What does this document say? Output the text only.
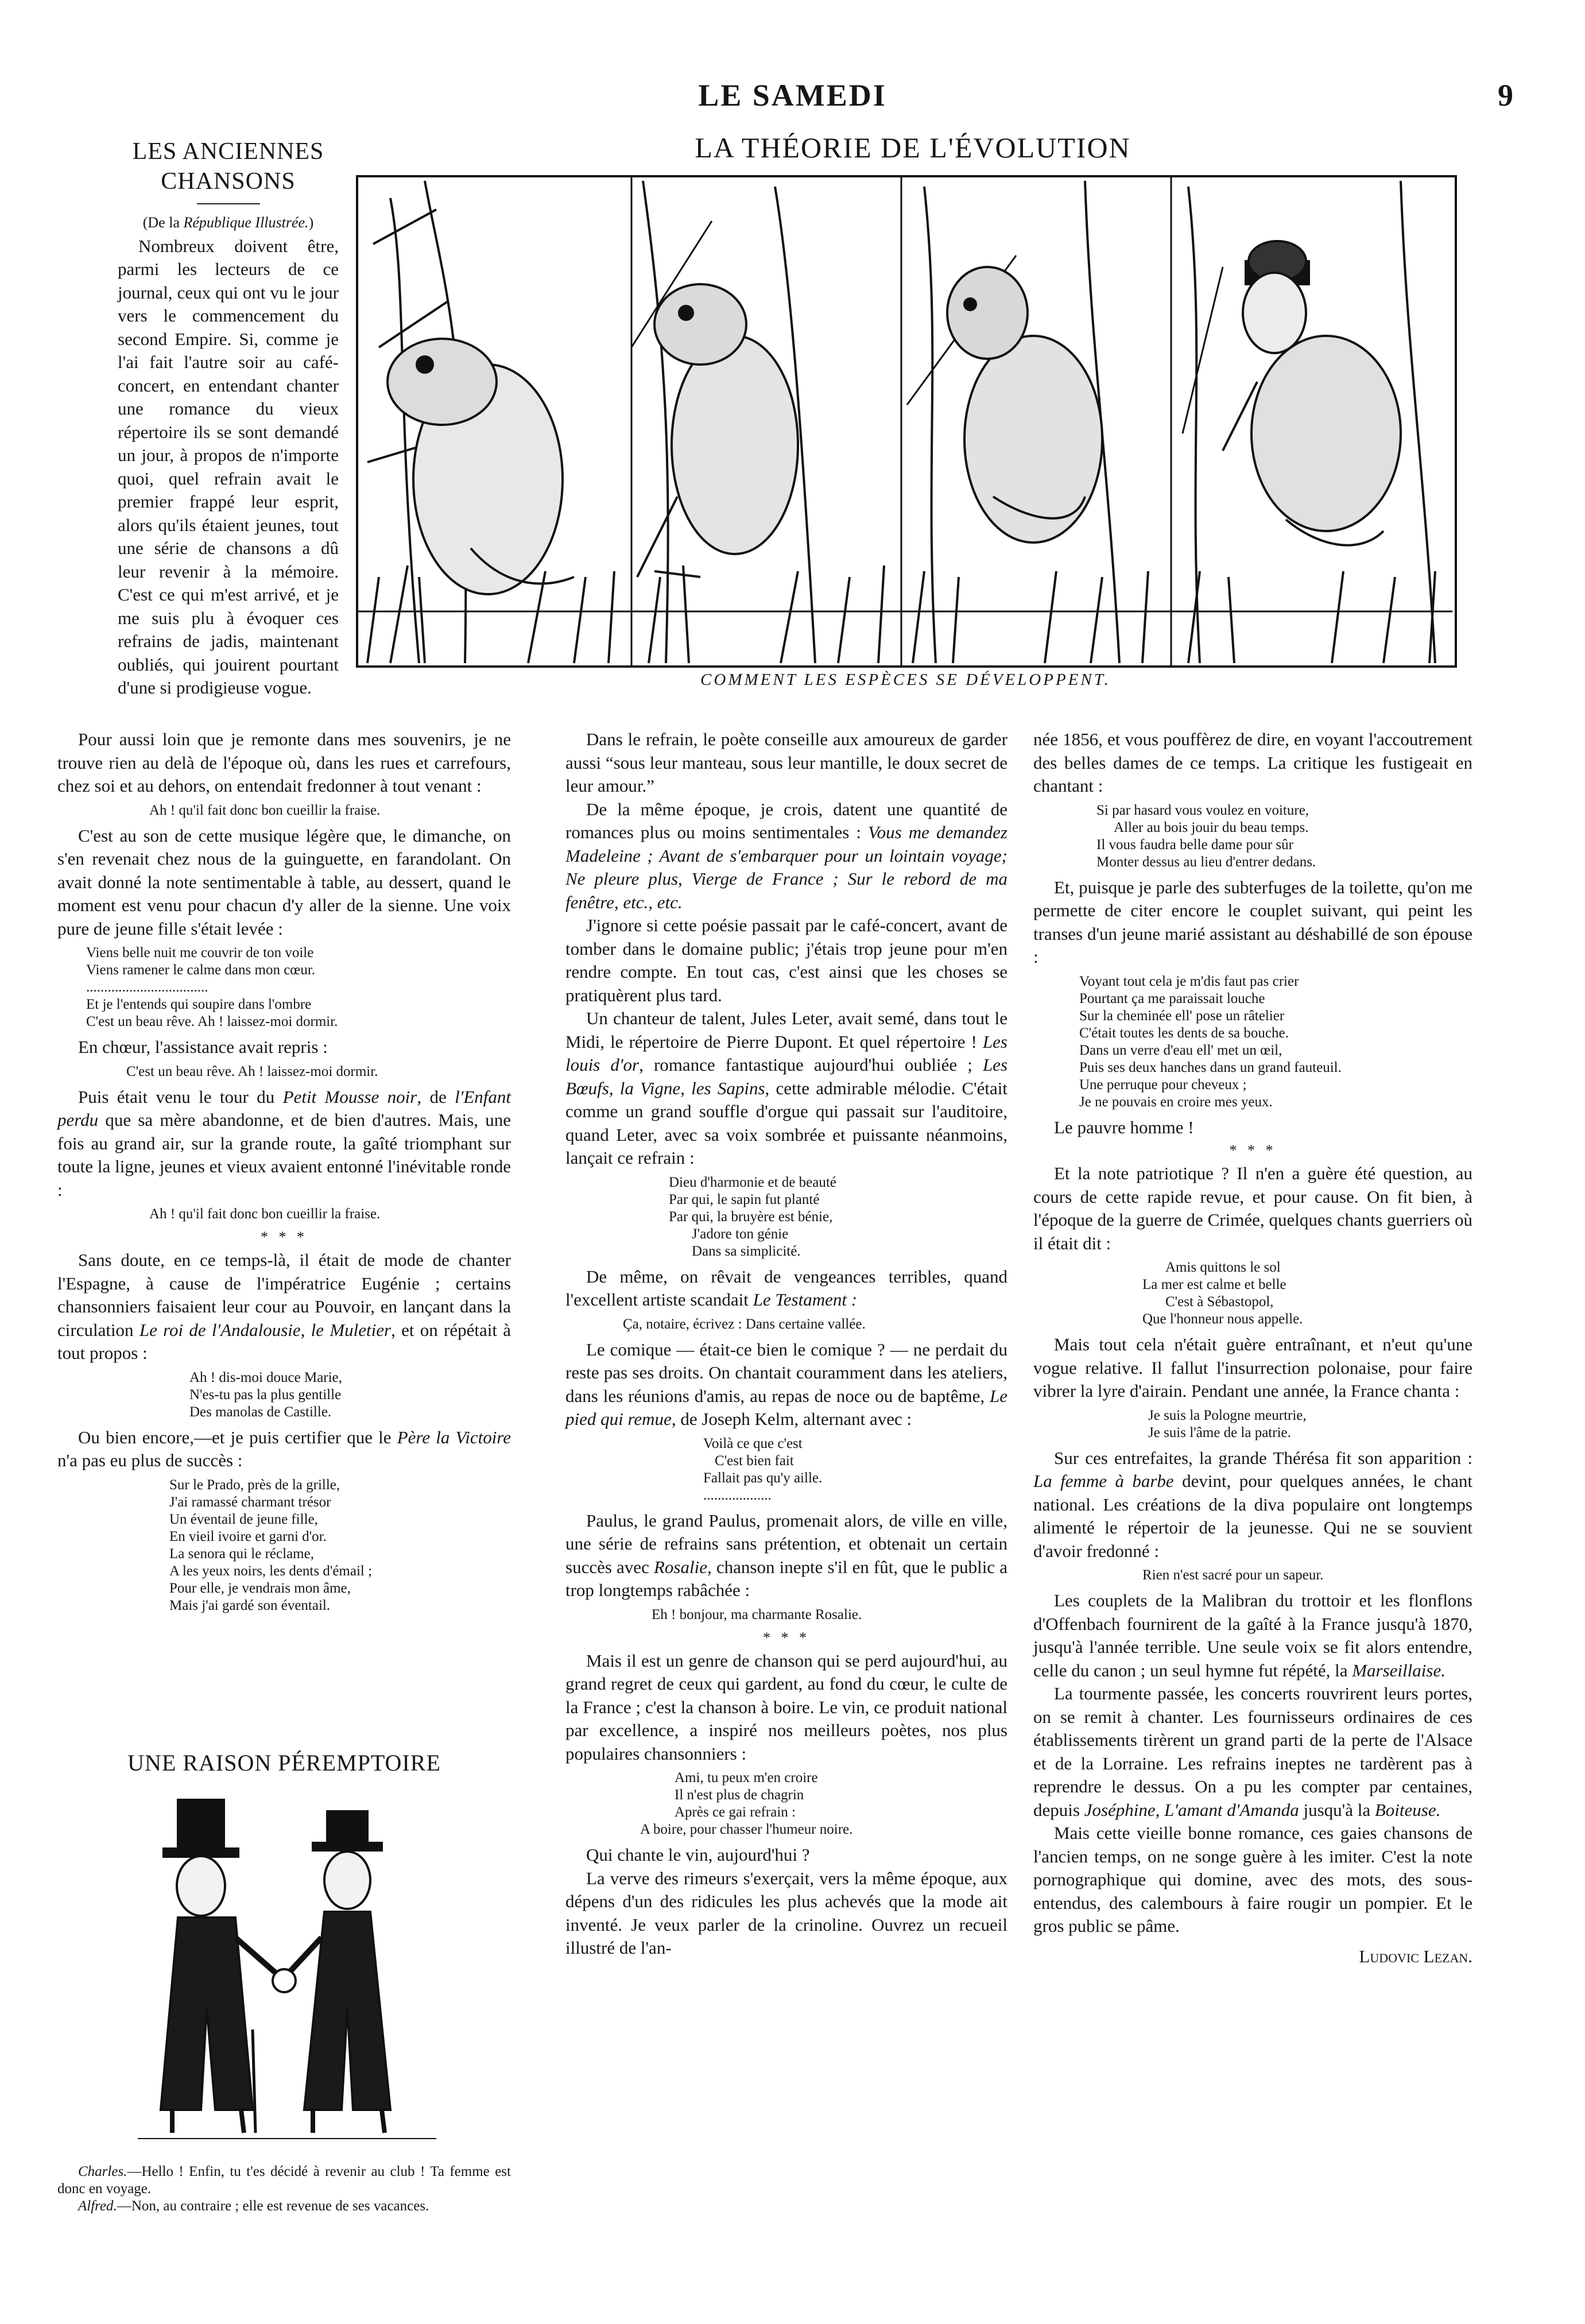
LE SAMEDI	9
LA THÉORIE DE L'ÉVOLUTION
COMMENT LES ESPÈCES SE DÉVELOPPENT.
LES ANCIENNES
CHANSONS

(De la République Illustrée.)

Nombreux doivent être, parmi les lecteurs de ce journal, ceux qui ont vu le jour vers le commencement du second Empire. Si, comme je l'ai fait l'autre soir au café-concert, en entendant chanter une romance du vieux répertoire ils se sont demandé un jour, à propos de n'importe quoi, quel refrain avait le premier frappé leur esprit, alors qu'ils étaient jeunes, tout une série de chansons a dû leur revenir à la mémoire. C'est ce qui m'est arrivé, et je me suis plu à évoquer ces refrains de jadis, maintenant oubliés, qui jouirent pourtant d'une si prodigieuse vogue.

Pour aussi loin que je remonte dans mes souvenirs, je ne trouve rien au delà de l'époque où, dans les rues et carrefours, chez soi et au dehors, on entendait fredonner à tout venant :

Ah ! qu'il fait donc bon cueillir la fraise.

C'est au son de cette musique légère que, le dimanche, on s'en revenait chez nous de la guinguette, en farandolant. On avait donné la note sentimentable à table, au dessert, quand le moment est venu pour chacun d'y aller de la sienne. Une voix pure de jeune fille s'était levée :

Viens belle nuit me couvrir de ton voile
Viens ramener le calme dans mon cœur.
..................................
Et je l'entends qui soupire dans l'ombre
C'est un beau rêve. Ah ! laissez-moi dormir.

En chœur, l'assistance avait repris :

C'est un beau rêve. Ah ! laissez-moi dormir.

Puis était venu le tour du Petit Mousse noir, de l'Enfant perdu que sa mère abandonne, et de bien d'autres. Mais, une fois au grand air, sur la grande route, la gaîté triomphant sur toute la ligne, jeunes et vieux avaient entonné l'inévitable ronde :

Ah ! qu'il fait donc bon cueillir la fraise.
* * *

Sans doute, en ce temps-là, il était de mode de chanter l'Espagne, à cause de l'impératrice Eugénie ; certains chansonniers faisaient leur cour au Pouvoir, en lançant dans la circulation Le roi de l'Andalousie, le Muletier, et on répétait à tout propos :

Ah ! dis-moi douce Marie,
N'es-tu pas la plus gentille
Des manolas de Castille.

Ou bien encore,—et je puis certifier que le Père la Victoire n'a pas eu plus de succès :

Sur le Prado, près de la grille,
J'ai ramassé charmant trésor
Un éventail de jeune fille,
En vieil ivoire et garni d'or.
La senora qui le réclame,
A les yeux noirs, les dents d'émail ;
Pour elle, je vendrais mon âme,
Mais j'ai gardé son éventail.
UNE RAISON PÉREMPTOIRE

Charles.—Hello ! Enfin, tu t'es décidé à revenir au club ! Ta femme est donc en voyage.

Alfred.—Non, au contraire ; elle est revenue de ses vacances.

Dans le refrain, le poète conseille aux amoureux de garder aussi “sous leur manteau, sous leur mantille, le doux secret de leur amour.”

De la même époque, je crois, datent une quantité de romances plus ou moins sentimentales : Vous me demandez Madeleine ; Avant de s'embarquer pour un lointain voyage; Ne pleure plus, Vierge de France ; Sur le rebord de ma fenêtre, etc., etc.

J'ignore si cette poésie passait par le café-concert, avant de tomber dans le domaine public; j'étais trop jeune pour m'en rendre compte. En tout cas, c'est ainsi que les choses se pratiquèrent plus tard.

Un chanteur de talent, Jules Leter, avait semé, dans tout le Midi, le répertoire de Pierre Dupont. Et quel répertoire ! Les louis d'or, romance fantastique aujourd'hui oubliée ; Les Bœufs, la Vigne, les Sapins, cette admirable mélodie. C'était comme un grand souffle d'orgue qui passait sur l'auditoire, quand Leter, avec sa voix sombrée et puissante néanmoins, lançait ce refrain :

Dieu d'harmonie et de beauté
Par qui, le sapin fut planté
Par qui, la bruyère est bénie,
J'adore ton génie
Dans sa simplicité.

De même, on rêvait de vengeances terribles, quand l'excellent artiste scandait Le Testament :

Ça, notaire, écrivez : Dans certaine vallée.

Le comique — était-ce bien le comique ? — ne perdait du reste pas ses droits. On chantait couramment dans les ateliers, dans les réunions d'amis, au repas de noce ou de baptême, Le pied qui remue, de Joseph Kelm, alternant avec :

Voilà ce que c'est
C'est bien fait
Fallait pas qu'y aille.
...................

Paulus, le grand Paulus, promenait alors, de ville en ville, une série de refrains sans prétention, et obtenait un certain succès avec Rosalie, chanson inepte s'il en fût, que le public a trop longtemps rabâchée :

Eh ! bonjour, ma charmante Rosalie.
* * *

Mais il est un genre de chanson qui se perd aujourd'hui, au grand regret de ceux qui gardent, au fond du cœur, le culte de la France ; c'est la chanson à boire. Le vin, ce produit national par excellence, a inspiré nos meilleurs poètes, nos plus populaires chansonniers :

Ami, tu peux m'en croire
Il n'est plus de chagrin
Après ce gai refrain :
A boire, pour chasser l'humeur noire.

Qui chante le vin, aujourd'hui ?

La verve des rimeurs s'exerçait, vers la même époque, aux dépens d'un des ridicules les plus achevés que la mode ait inventé. Je veux parler de la crinoline. Ouvrez un recueil illustré de l'an-

née 1856, et vous pouffèrez de dire, en voyant l'accoutrement des belles dames de ce temps. La critique les fustigeait en chantant :

Si par hasard vous voulez en voiture,
Aller au bois jouir du beau temps.
Il vous faudra belle dame pour sûr
Monter dessus au lieu d'entrer dedans.

Et, puisque je parle des subterfuges de la toilette, qu'on me permette de citer encore le couplet suivant, qui peint les transes d'un jeune marié assistant au déshabillé de son épouse :

Voyant tout cela je m'dis faut pas crier
Pourtant ça me paraissait louche
Sur la cheminée ell' pose un râtelier
C'était toutes les dents de sa bouche.
Dans un verre d'eau ell' met un œil,
Puis ses deux hanches dans un grand fauteuil.
Une perruque pour cheveux ;
Je ne pouvais en croire mes yeux.

Le pauvre homme !

* * *

Et la note patriotique ? Il n'en a guère été question, au cours de cette rapide revue, et pour cause. On fit bien, à l'époque de la guerre de Crimée, quelques chants guerriers où il était dit :

Amis quittons le sol
La mer est calme et belle
C'est à Sébastopol,
Que l'honneur nous appelle.

Mais tout cela n'était guère entraînant, et n'eut qu'une vogue relative. Il fallut l'insurrection polonaise, pour faire vibrer la lyre d'airain. Pendant une année, la France chanta :

Je suis la Pologne meurtrie,
Je suis l'âme de la patrie.

Sur ces entrefaites, la grande Thérésa fit son apparition : La femme à barbe devint, pour quelques années, le chant national. Les créations de la diva populaire ont longtemps alimenté le répertoir de la jeunesse. Qui ne se souvient d'avoir fredonné :

Rien n'est sacré pour un sapeur.

Les couplets de la Malibran du trottoir et les flonflons d'Offenbach fournirent de la gaîté à la France jusqu'à 1870, jusqu'à l'année terrible. Une seule voix se fit alors entendre, celle du canon ; un seul hymne fut répété, la Marseillaise.

La tourmente passée, les concerts rouvrirent leurs portes, on se remit à chanter. Les fournisseurs ordinaires de ces établissements tirèrent un grand parti de la perte de l'Alsace et de la Lorraine. Les refrains ineptes ne tardèrent pas à reprendre le dessus. On a pu les compter par centaines, depuis Joséphine, L'amant d'Amanda jusqu'à la Boiteuse.

Mais cette vieille bonne romance, ces gaies chansons de l'ancien temps, on ne songe guère à les imiter. C'est la note pornographique qui domine, avec des mots, des sous-entendus, des calembours à faire rougir un pompier. Et le gros public se pâme.

Ludovic Lezan.
